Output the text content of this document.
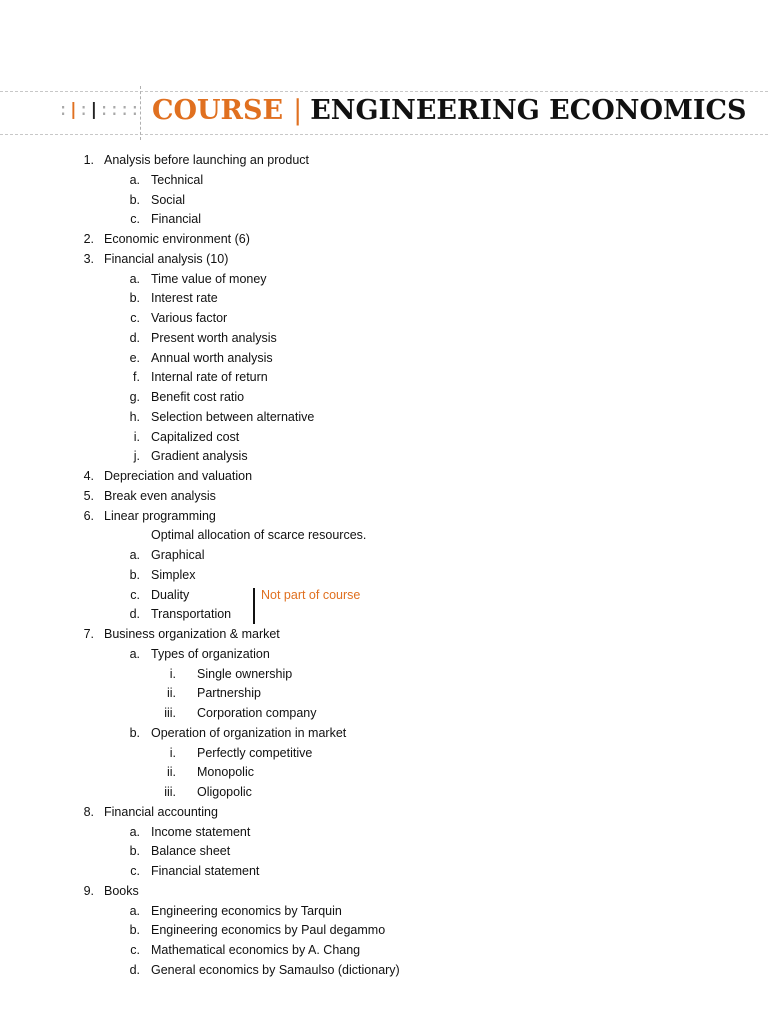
:|:|:::: COURSE | ENGINEERING ECONOMICS
1. Analysis before launching an product
a. Technical
b. Social
c. Financial
2. Economic environment (6)
3. Financial analysis (10)
a. Time value of money
b. Interest rate
c. Various factor
d. Present worth analysis
e. Annual worth analysis
f. Internal rate of return
g. Benefit cost ratio
h. Selection between alternative
i. Capitalized cost
j. Gradient analysis
4. Depreciation and valuation
5. Break even analysis
6. Linear programming
Optimal allocation of scarce resources.
a. Graphical
b. Simplex
c. Duality
d. Transportation
7. Business organization & market
a. Types of organization
i. Single ownership
ii. Partnership
iii. Corporation company
b. Operation of organization in market
i. Perfectly competitive
ii. Monopolic
iii. Oligopolic
8. Financial accounting
a. Income statement
b. Balance sheet
c. Financial statement
9. Books
a. Engineering economics by Tarquin
b. Engineering economics by Paul degammo
c. Mathematical economics by A. Chang
d. General economics by Samaulso (dictionary)
Not part of course
